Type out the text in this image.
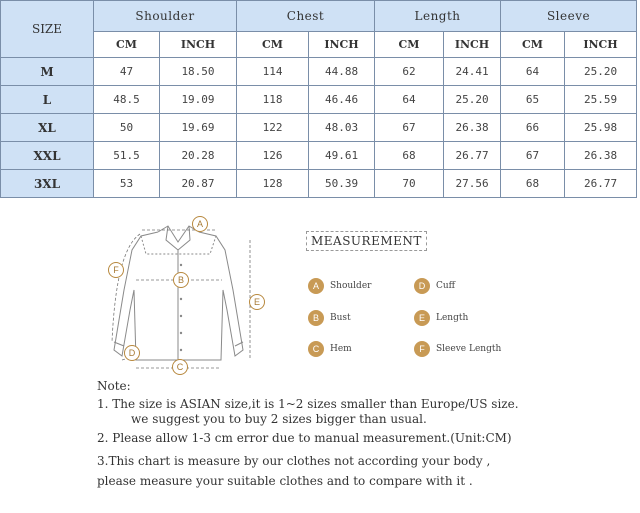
SIZE	Shoulder		Chest		Length		Sleeve	
	CM	INCH	CM	INCH	CM	INCH	CM	INCH
M	47	18.50	114	44.88	62	24.41	64	25.20
L	48.5	19.09	118	46.46	64	25.20	65	25.59
XL	50	19.69	122	48.03	67	26.38	66	25.98
XXL	51.5	20.28	126	49.61	68	26.77	67	26.38
3XL	53	20.87	128	50.39	70	27.56	68	26.77
A
B
C
D
E
F
MEASUREMENT
A	Shoulder	D	Cuff
B	Bust	E	Length
C	Hem	F	Sleeve Length
Note:
1. The size is ASIAN size,it is 1~2 sizes smaller than Europe/US size.
we suggest you to buy 2 sizes bigger than usual.
2. Please allow 1-3 cm error due to manual measurement.(Unit:CM)
3.This chart is measure by our clothes not according your body ,
please measure your suitable clothes and to compare with it .
